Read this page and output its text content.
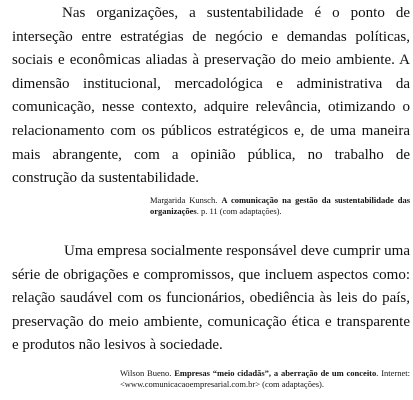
Nas organizações, a sustentabilidade é o ponto de interseção entre estratégias de negócio e demandas políticas, sociais e econômicas aliadas à preservação do meio ambiente. A dimensão institucional, mercadológica e administrativa da comunicação, nesse contexto, adquire relevância, otimizando o relacionamento com os públicos estratégicos e, de uma maneira mais abrangente, com a opinião pública, no trabalho de construção da sustentabilidade.

Margarida Kunsch. A comunicação na gestão da sustentabilidade das organizações. p. 11 (com adaptações).

Uma empresa socialmente responsável deve cumprir uma série de obrigações e compromissos, que incluem aspectos como: relação saudável com os funcionários, obediência às leis do país, preservação do meio ambiente, comunicação ética e transparente e produtos não lesivos à sociedade.

Wilson Bueno. Empresas “meio cidadãs”, a aberração de um conceito. Internet: <www.comunicacaoempresarial.com.br> (com adaptações).
